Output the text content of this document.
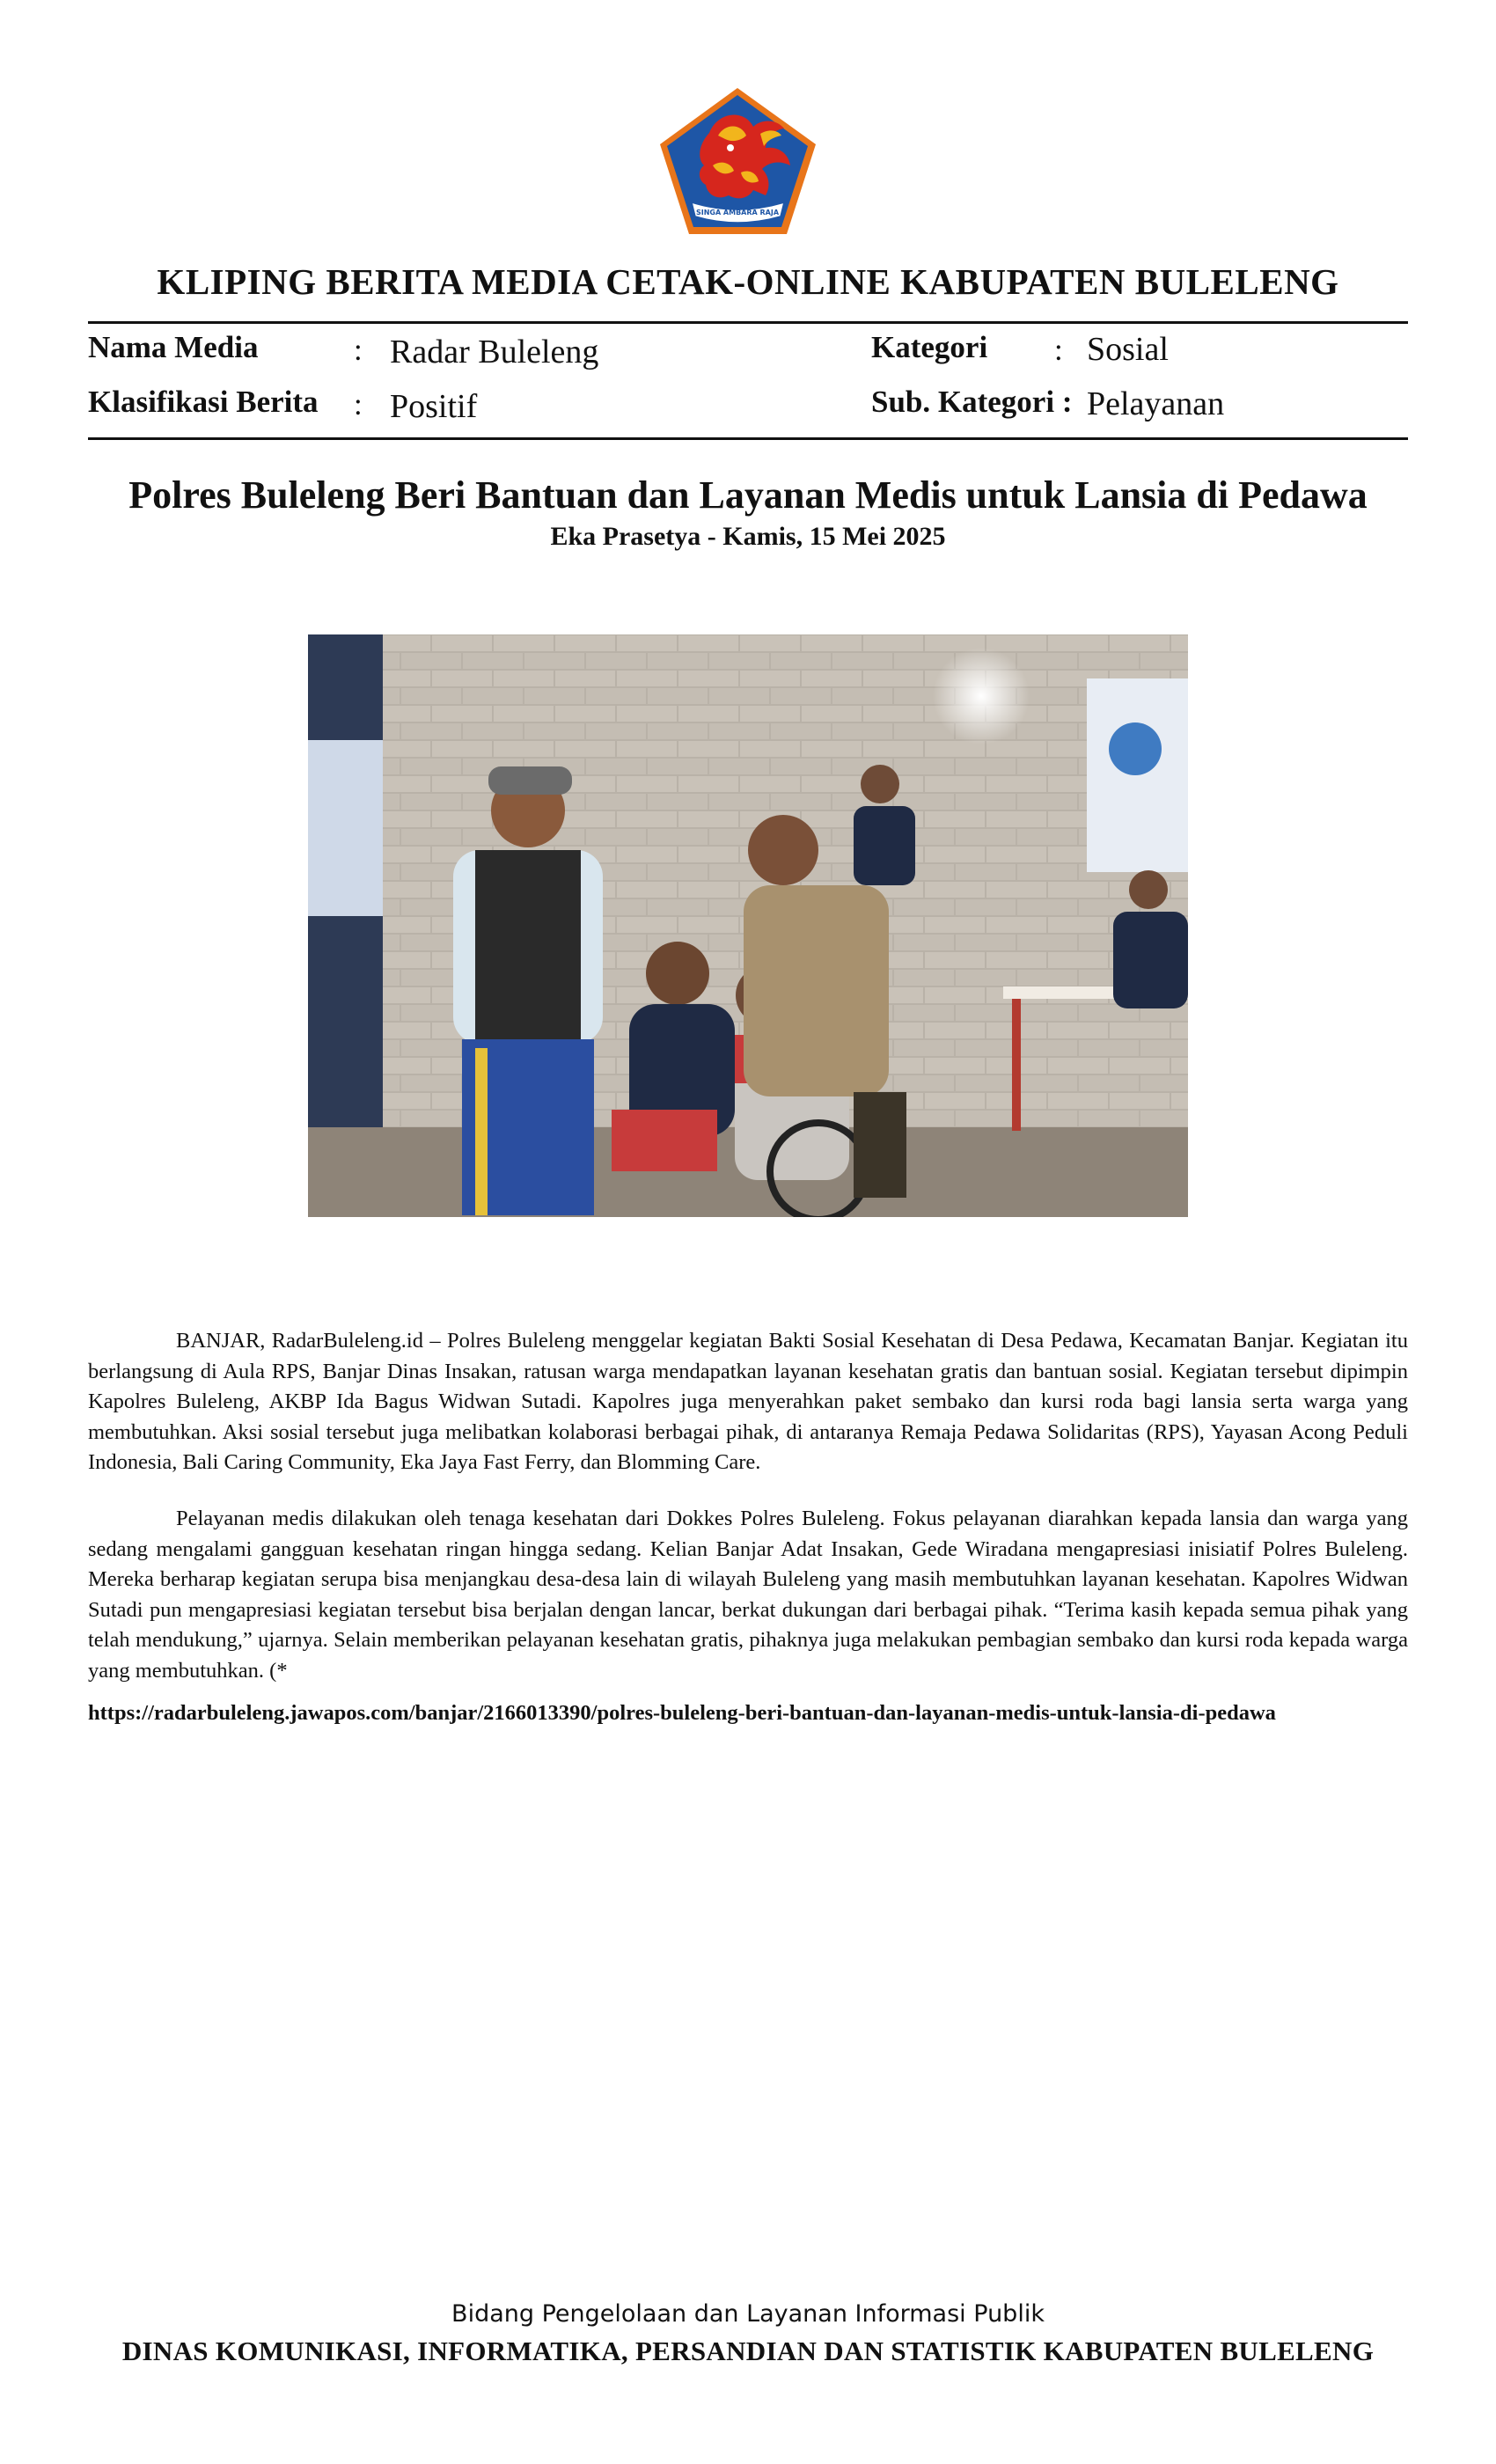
SINGA AMBARA RAJA
KLIPING BERITA MEDIA CETAK-ONLINE KABUPATEN BULELENG
Nama Media	: Radar Buleleng	Kategori : Sosial
Klasifikasi Berita : Positif	Sub. Kategori : Pelayanan
Polres Buleleng Beri Bantuan dan Layanan Medis untuk Lansia di Pedawa
Eka Prasetya - Kamis, 15 Mei 2025

BANJAR, RadarBuleleng.id – Polres Buleleng menggelar kegiatan Bakti Sosial Kesehatan di Desa Pedawa, Kecamatan Banjar. Kegiatan itu berlangsung di Aula RPS, Banjar Dinas Insakan, ratusan warga mendapatkan layanan kesehatan gratis dan bantuan sosial. Kegiatan tersebut dipimpin Kapolres Buleleng, AKBP Ida Bagus Widwan Sutadi. Kapolres juga menyerahkan paket sembako dan kursi roda bagi lansia serta warga yang membutuhkan. Aksi sosial tersebut juga melibatkan kolaborasi berbagai pihak, di antaranya Remaja Pedawa Solidaritas (RPS), Yayasan Acong Peduli Indonesia, Bali Caring Community, Eka Jaya Fast Ferry, dan Blomming Care.

Pelayanan medis dilakukan oleh tenaga kesehatan dari Dokkes Polres Buleleng. Fokus pelayanan diarahkan kepada lansia dan warga yang sedang mengalami gangguan kesehatan ringan hingga sedang. Kelian Banjar Adat Insakan, Gede Wiradana mengapresiasi inisiatif Polres Buleleng. Mereka berharap kegiatan serupa bisa menjangkau desa-desa lain di wilayah Buleleng yang masih membutuhkan layanan kesehatan. Kapolres Widwan Sutadi pun mengapresiasi kegiatan tersebut bisa berjalan dengan lancar, berkat dukungan dari berbagai pihak. “Terima kasih kepada semua pihak yang telah mendukung,” ujarnya. Selain memberikan pelayanan kesehatan gratis, pihaknya juga melakukan pembagian sembako dan kursi roda kepada warga yang membutuhkan. (*

https://radarbuleleng.jawapos.com/banjar/2166013390/polres-buleleng-beri-bantuan-dan-layanan-medis-untuk-lansia-di-pedawa
Bidang Pengelolaan dan Layanan Informasi Publik
DINAS KOMUNIKASI, INFORMATIKA, PERSANDIAN DAN STATISTIK KABUPATEN BULELENG
